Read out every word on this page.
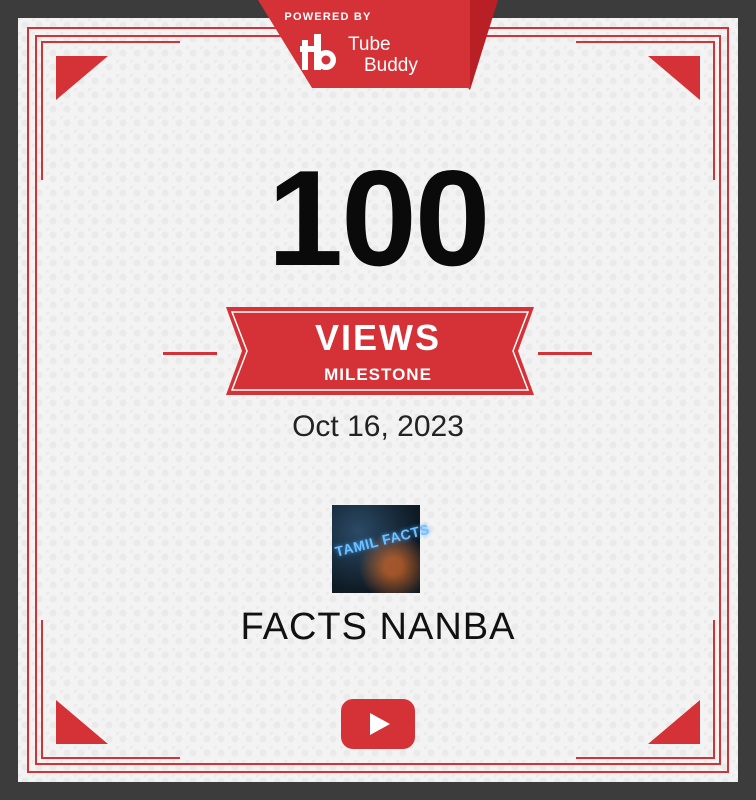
POWERED BY
Tube
Buddy
100
VIEWS
MILESTONE
Oct 16, 2023
TAMIL FACTS
FACTS NANBA
